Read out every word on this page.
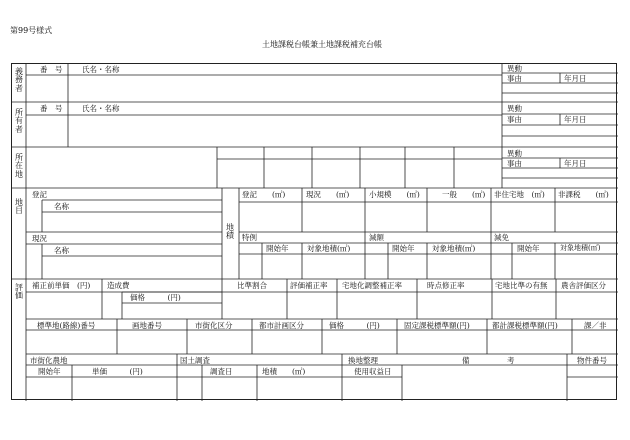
第99号様式
土地課税台帳兼土地課税補充台帳
義務者
所有者
所在地
地目
地積
評価
番　号	氏名・名称	異動
事由	年月日
番　号	氏名・名称	異動
事由	年月日
異動
事由	年月日
登記
名称
現況
名称
登記　　(㎡)	現況　　(㎡)	小規模　　(㎡)	一般　　(㎡) 非住宅地　(㎡) 非課税　　(㎡)
特例	減額	減免
開始年 対象地積(㎡)	開始年 対象地積(㎡)	開始年	対象地積(㎡)
補正前単価　(円) 造成費	比準割合	評価補正率 宅地化調整補正率	時点修正率	宅地比準の有無 農舎評価区分
価格　　　(円)
標準地(路線)番号	画地番号	市街化区分	都市計画区分	価格　　　(円)	固定課税標準額(円)	都計課税標準額(円)	課／非
市街化農地	国土調査	換地整理	備　　　　　考	物件番号
開始年	単価　　　(円)	調査日	地積　　(㎡)	使用収益日
